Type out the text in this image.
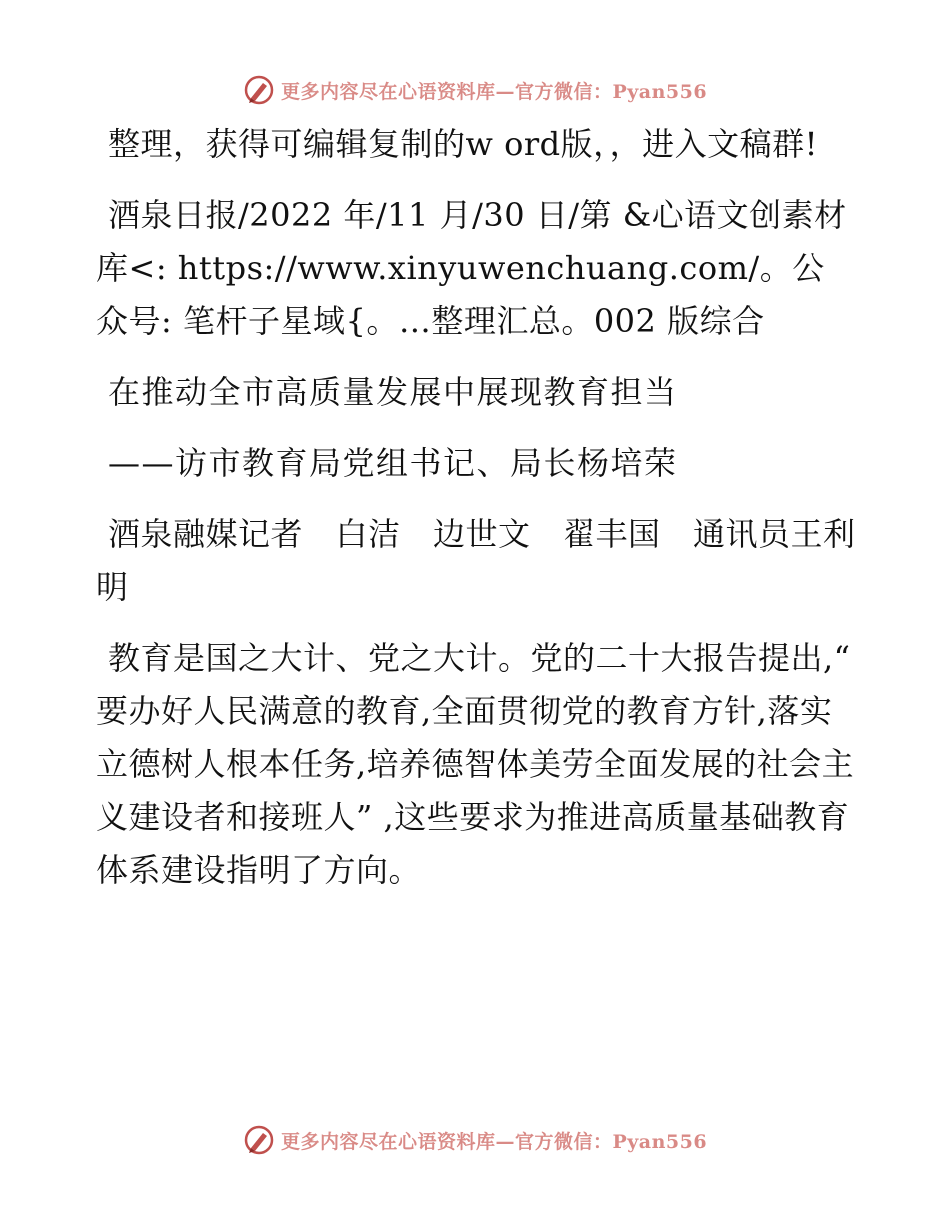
更多内容尽在心语资料库—官方微信：Pyan556

整理，获得可编辑复制的w ord版，，进入文稿群!

酒泉日报/2022 年/11 月/30 日/第 &心语文创素材库<: https://www.xinyuwenchuang.com/。公众号: 笔杆子星域{。…整理汇总。002 版综合

在推动全市高质量发展中展现教育担当

——访市教育局党组书记、局长杨培荣

酒泉融媒记者　白洁　边世文　翟丰国　通讯员王利明

教育是国之大计、党之大计。党的二十大报告提出,“ 要办好人民满意的教育,全面贯彻党的教育方针,落实立德树人根本任务,培养德智体美劳全面发展的社会主义建设者和接班人” ,这些要求为推进高质量基础教育体系建设指明了方向。

更多内容尽在心语资料库—官方微信：Pyan556
